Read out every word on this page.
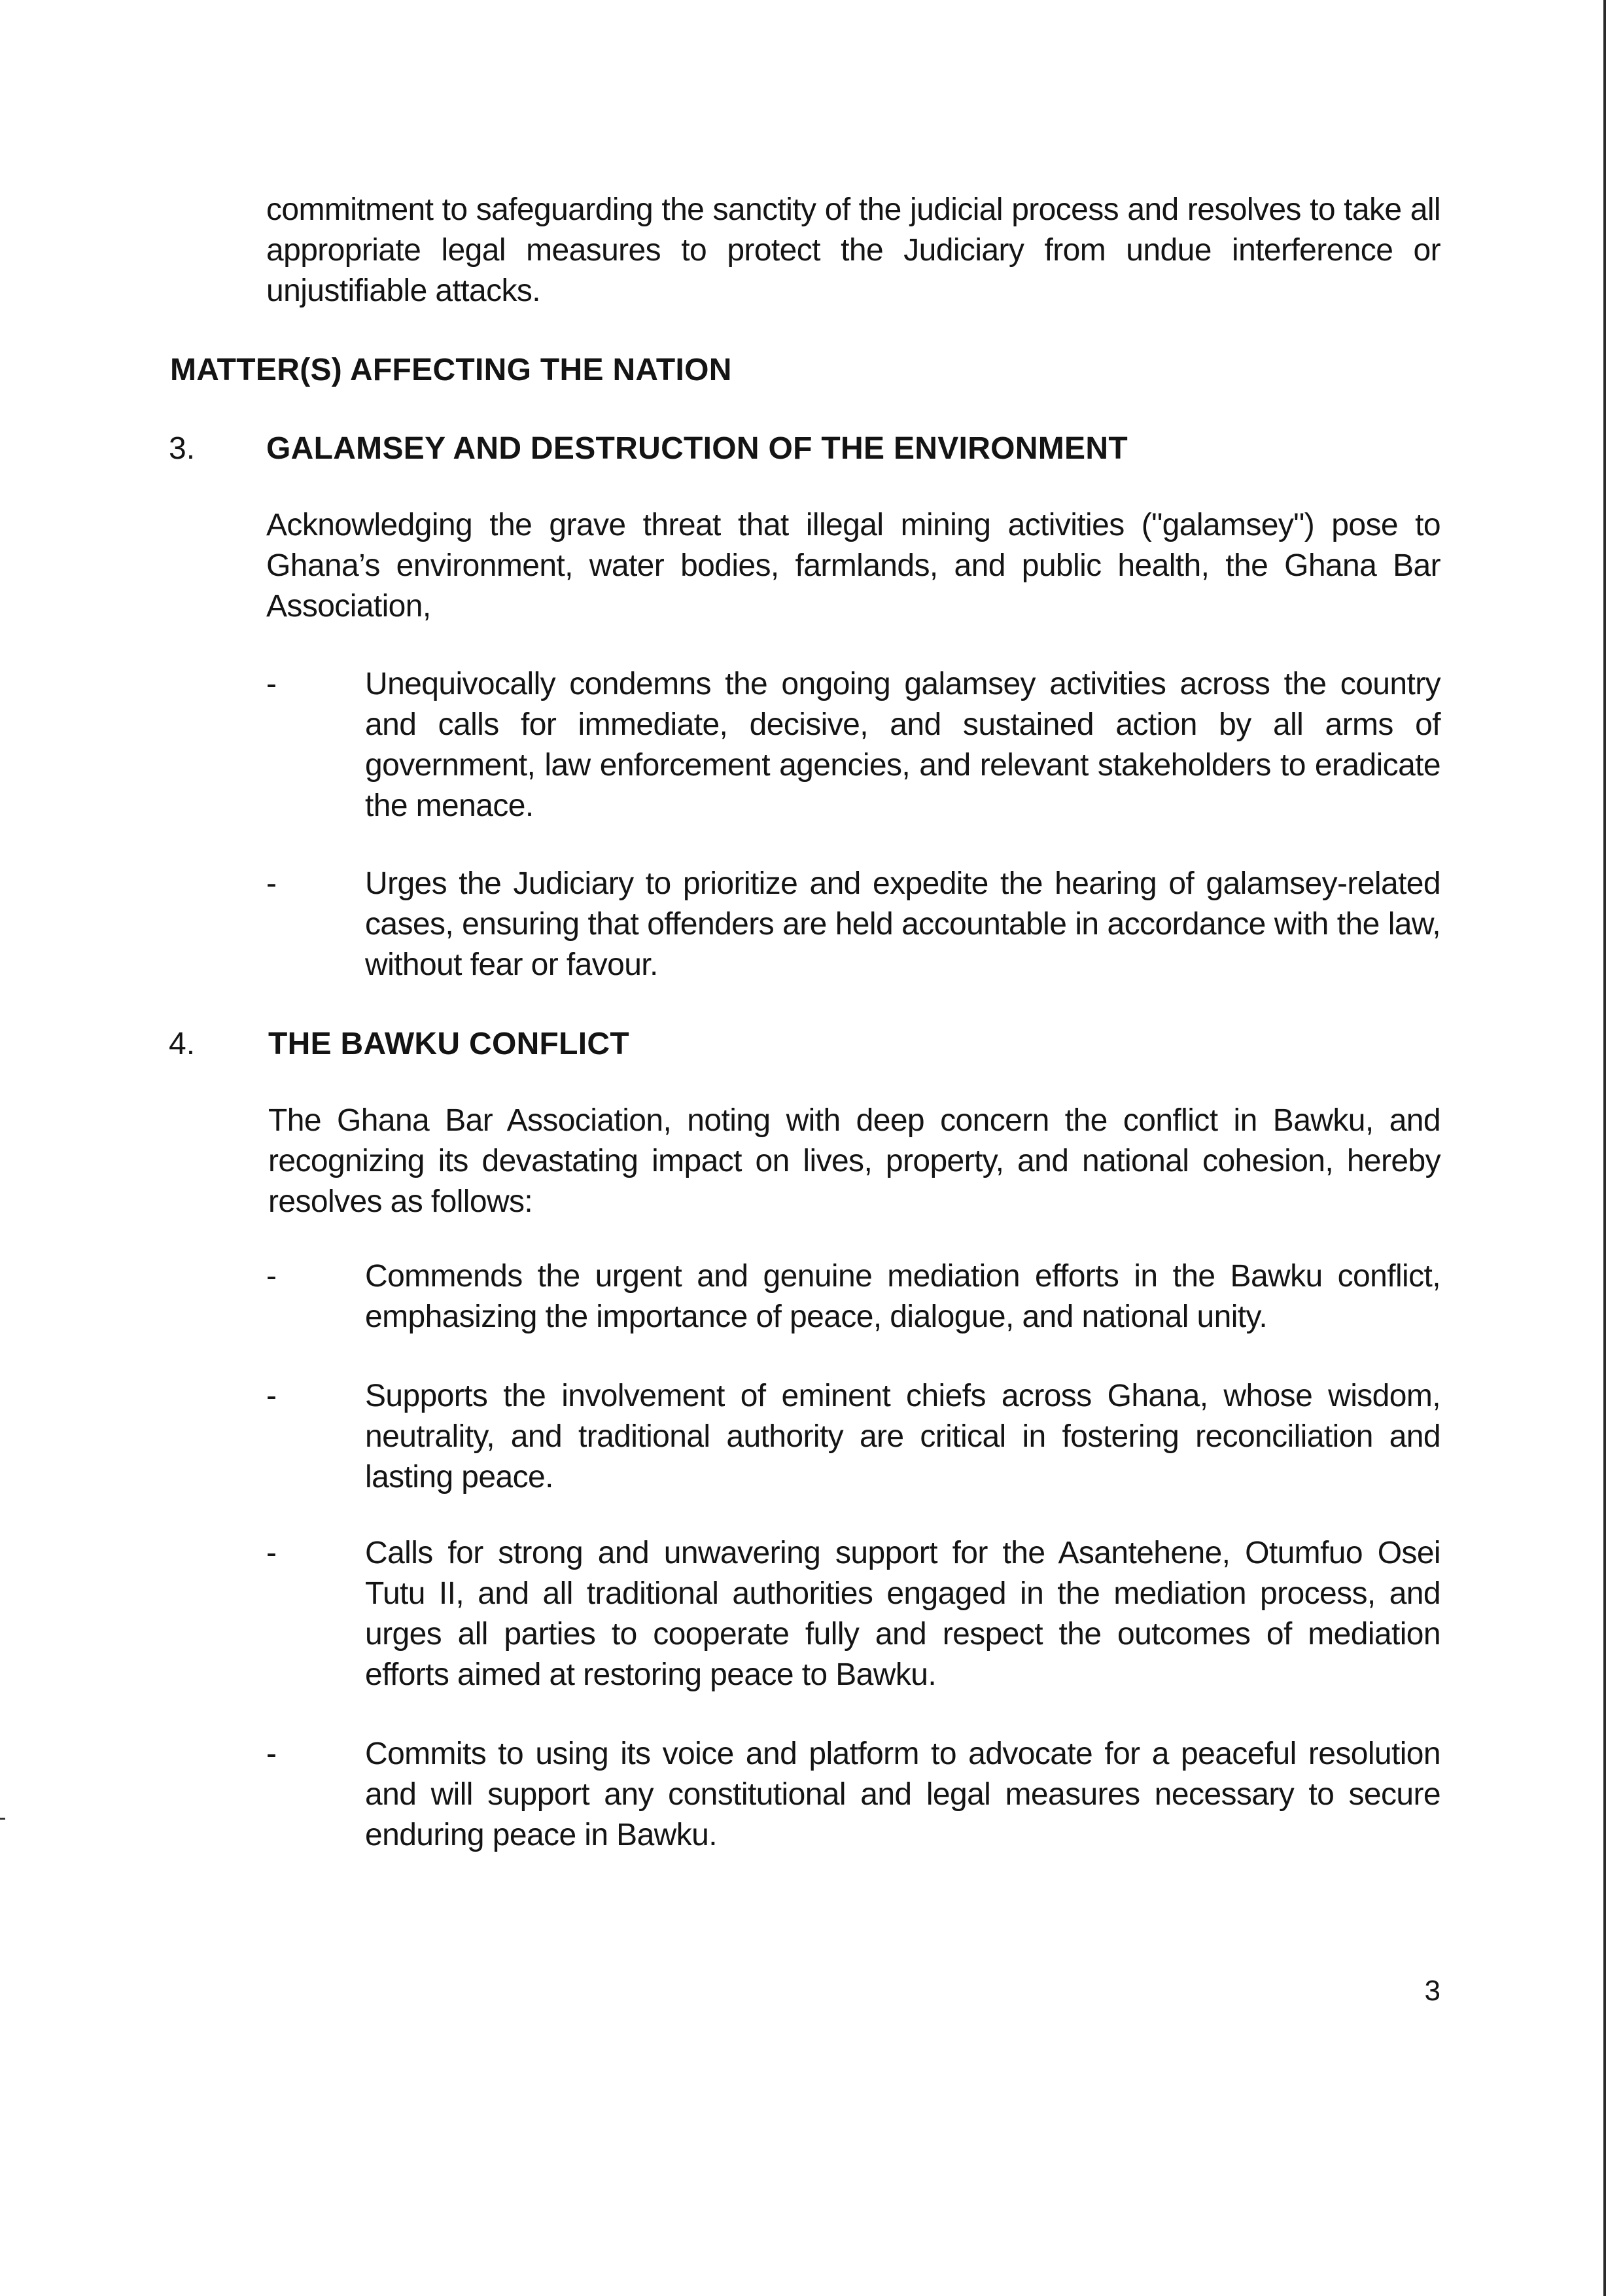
commitment to safeguarding the sanctity of the judicial process and resolves to take all appropriate legal measures to protect the Judiciary from undue interference or unjustifiable attacks.

MATTER(S) AFFECTING THE NATION
3. GALAMSEY AND DESTRUCTION OF THE ENVIRONMENT

Acknowledging the grave threat that illegal mining activities ("galamsey") pose to Ghana’s environment, water bodies, farmlands, and public health, the Ghana Bar Association,

-	Unequivocally condemns the ongoing galamsey activities across the country and calls for immediate, decisive, and sustained action by all arms of government, law enforcement agencies, and relevant stakeholders to eradicate the menace.

-	Urges the Judiciary to prioritize and expedite the hearing of galamsey-related cases, ensuring that offenders are held accountable in accordance with the law, without fear or favour.

4. THE BAWKU CONFLICT

The Ghana Bar Association, noting with deep concern the conflict in Bawku, and recognizing its devastating impact on lives, property, and national cohesion, hereby resolves as follows:

-	Commends the urgent and genuine mediation efforts in the Bawku conflict, emphasizing the importance of peace, dialogue, and national unity.

-	Supports the involvement of eminent chiefs across Ghana, whose wisdom, neutrality, and traditional authority are critical in fostering reconciliation and lasting peace.

-	Calls for strong and unwavering support for the Asantehene, Otumfuo Osei Tutu II, and all traditional authorities engaged in the mediation process, and urges all parties to cooperate fully and respect the outcomes of mediation efforts aimed at restoring peace to Bawku.

-	Commits to using its voice and platform to advocate for a peaceful resolution and will support any constitutional and legal measures necessary to secure enduring peace in Bawku.

3
